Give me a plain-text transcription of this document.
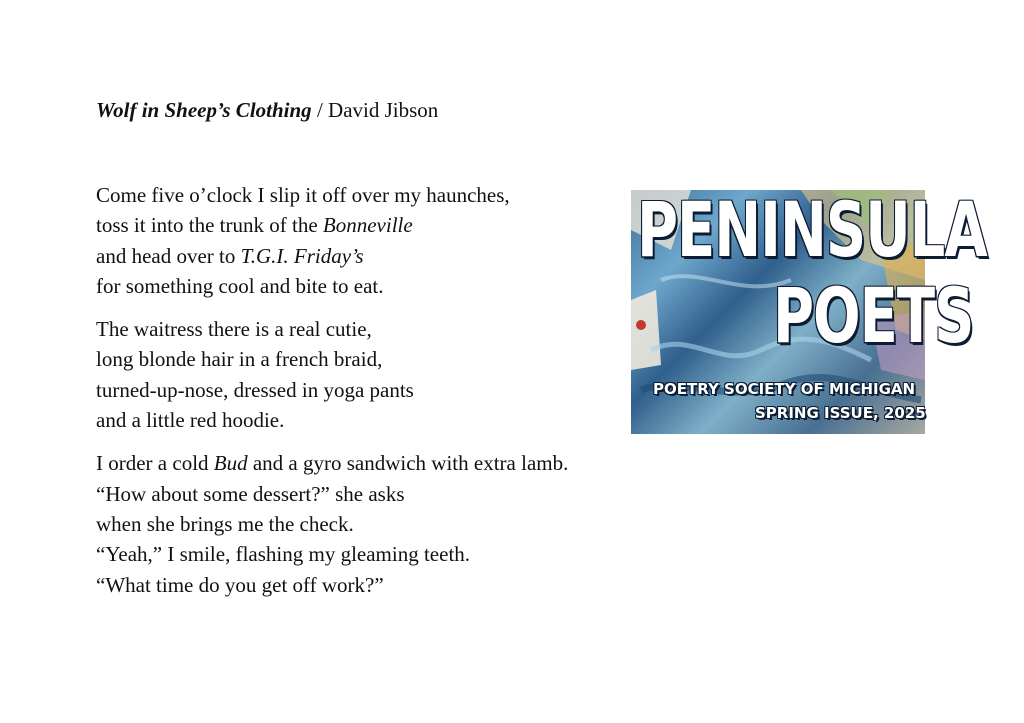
Wolf in Sheep’s Clothing / David Jibson
Come five o’clock I slip it off over my haunches,
toss it into the trunk of the Bonneville
and head over to T.G.I. Friday’s
for something cool and bite to eat.
The waitress there is a real cutie,
long blonde hair in a french braid,
turned-up-nose, dressed in yoga pants
and a little red hoodie.
I order a cold Bud and a gyro sandwich with extra lamb.
“How about some dessert?” she asks
when she brings me the check.
“Yeah,” I smile, flashing my gleaming teeth.
“What time do you get off work?”
PENINSULA
POETS
POETRY SOCIETY OF MICHIGAN
SPRING ISSUE, 2025
